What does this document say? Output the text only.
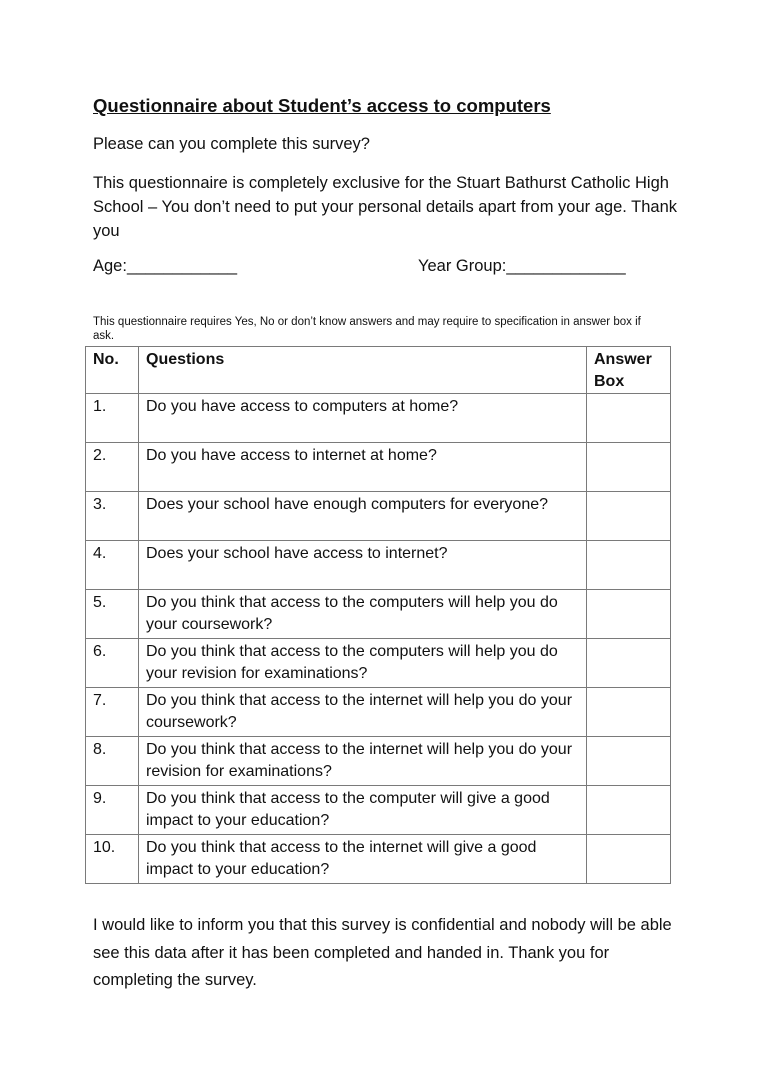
Questionnaire about Student’s access to computers
Please can you complete this survey?
This questionnaire is completely exclusive for the Stuart Bathurst Catholic High School – You don’t need to put your personal details apart from your age. Thank you
Age:____________	Year Group:_____________
This questionnaire requires Yes, No or don’t know answers and may require to specification in answer box if ask.
No.	Questions	Answer Box
1.	Do you have access to computers at home?	
2.	Do you have access to internet at home?	
3.	Does your school have enough computers for everyone?	
4.	Does your school have access to internet?	
5.	Do you think that access to the computers will help you do your coursework?	
6.	Do you think that access to the computers will help you do your revision for examinations?	
7.	Do you think that access to the internet will help you do your coursework?	
8.	Do you think that access to the internet will help you do your revision for examinations?	
9.	Do you think that access to the computer will give a good impact to your education?	
10.	Do you think that access to the internet will give a good impact to your education?	
I would like to inform you that this survey is confidential and nobody will be able see this data after it has been completed and handed in. Thank you for completing the survey.
